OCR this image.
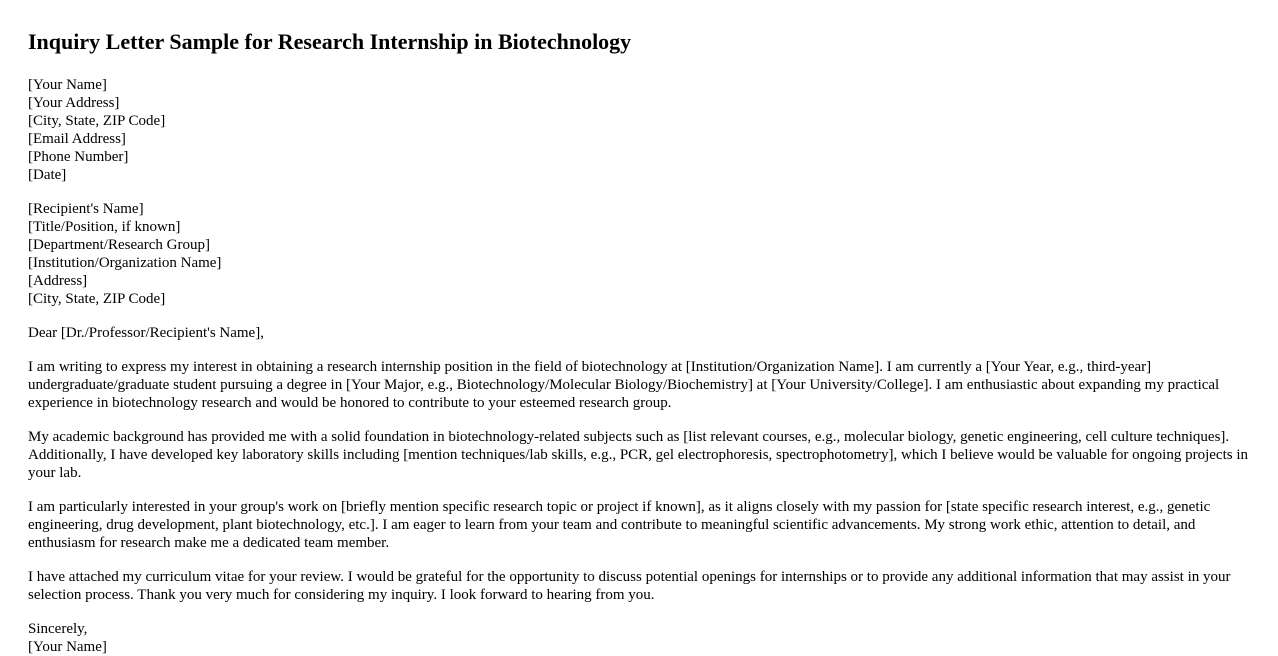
Inquiry Letter Sample for Research Internship in Biotechnology
[Your Name]
[Your Address]
[City, State, ZIP Code]
[Email Address]
[Phone Number]
[Date]
[Recipient's Name]
[Title/Position, if known]
[Department/Research Group]
[Institution/Organization Name]
[Address]
[City, State, ZIP Code]
Dear [Dr./Professor/Recipient's Name],

I am writing to express my interest in obtaining a research internship position in the field of biotechnology at [Institution/Organization Name]. I am currently a [Your Year, e.g., third-year] undergraduate/graduate student pursuing a degree in [Your Major, e.g., Biotechnology/Molecular Biology/Biochemistry] at [Your University/College]. I am enthusiastic about expanding my practical experience in biotechnology research and would be honored to contribute to your esteemed research group.

My academic background has provided me with a solid foundation in biotechnology-related subjects such as [list relevant courses, e.g., molecular biology, genetic engineering, cell culture techniques]. Additionally, I have developed key laboratory skills including [mention techniques/lab skills, e.g., PCR, gel electrophoresis, spectrophotometry], which I believe would be valuable for ongoing projects in your lab.

I am particularly interested in your group's work on [briefly mention specific research topic or project if known], as it aligns closely with my passion for [state specific research interest, e.g., genetic engineering, drug development, plant biotechnology, etc.]. I am eager to learn from your team and contribute to meaningful scientific advancements. My strong work ethic, attention to detail, and enthusiasm for research make me a dedicated team member.

I have attached my curriculum vitae for your review. I would be grateful for the opportunity to discuss potential openings for internships or to provide any additional information that may assist in your selection process. Thank you very much for considering my inquiry. I look forward to hearing from you.

Sincerely,
[Your Name]
